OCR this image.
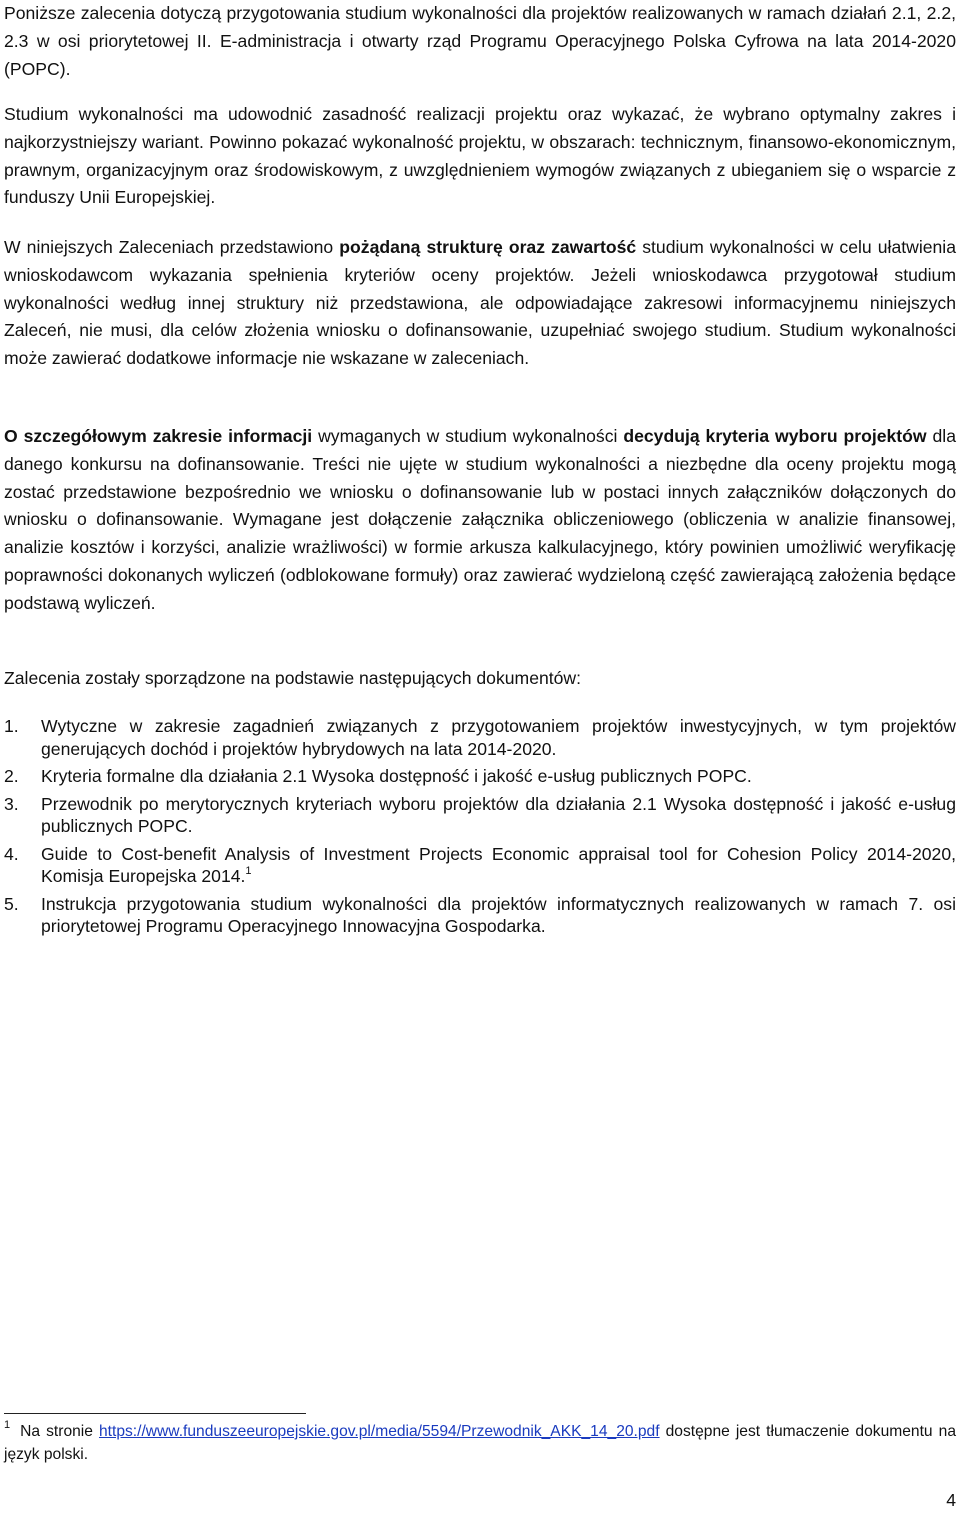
Poniższe zalecenia dotyczą przygotowania studium wykonalności dla projektów realizowanych w ramach działań 2.1, 2.2, 2.3 w osi priorytetowej II. E-administracja i otwarty rząd Programu Operacyjnego Polska Cyfrowa na lata 2014-2020 (POPC).

Studium wykonalności ma udowodnić zasadność realizacji projektu oraz wykazać, że wybrano optymalny zakres i najkorzystniejszy wariant. Powinno pokazać wykonalność projektu, w obszarach: technicznym, finansowo-ekonomicznym, prawnym, organizacyjnym oraz środowiskowym, z uwzględnieniem wymogów związanych z ubieganiem się o wsparcie z funduszy Unii Europejskiej.

W niniejszych Zaleceniach przedstawiono pożądaną strukturę oraz zawartość studium wykonalności w celu ułatwienia wnioskodawcom wykazania spełnienia kryteriów oceny projektów. Jeżeli wnioskodawca przygotował studium wykonalności według innej struktury niż przedstawiona, ale odpowiadające zakresowi informacyjnemu niniejszych Zaleceń, nie musi, dla celów złożenia wniosku o dofinansowanie, uzupełniać swojego studium. Studium wykonalności może zawierać dodatkowe informacje nie wskazane w zaleceniach.

O szczegółowym zakresie informacji wymaganych w studium wykonalności decydują kryteria wyboru projektów dla danego konkursu na dofinansowanie. Treści nie ujęte w studium wykonalności a niezbędne dla oceny projektu mogą zostać przedstawione bezpośrednio we wniosku o dofinansowanie lub w postaci innych załączników dołączonych do wniosku o dofinansowanie. Wymagane jest dołączenie załącznika obliczeniowego (obliczenia w analizie finansowej, analizie kosztów i korzyści, analizie wrażliwości) w formie arkusza kalkulacyjnego, który powinien umożliwić weryfikację poprawności dokonanych wyliczeń (odblokowane formuły) oraz zawierać wydzieloną część zawierającą założenia będące podstawą wyliczeń.

Zalecenia zostały sporządzone na podstawie następujących dokumentów:

1. Wytyczne w zakresie zagadnień związanych z przygotowaniem projektów inwestycyjnych, w tym projektów generujących dochód i projektów hybrydowych na lata 2014-2020.
2. Kryteria formalne dla działania 2.1 Wysoka dostępność i jakość e-usług publicznych POPC.
3. Przewodnik po merytorycznych kryteriach wyboru projektów dla działania 2.1 Wysoka dostępność i jakość e-usług publicznych POPC.
4. Guide to Cost-benefit Analysis of Investment Projects Economic appraisal tool for Cohesion Policy 2014-2020, Komisja Europejska 2014.$^1$
5. Instrukcja przygotowania studium wykonalności dla projektów informatycznych realizowanych w ramach 7. osi priorytetowej Programu Operacyjnego Innowacyjna Gospodarka.

$^1$ Na stronie https://www.funduszeeuropejskie.gov.pl/media/5594/Przewodnik_AKK_14_20.pdf dostępne jest tłumaczenie dokumentu na język polski.

4
